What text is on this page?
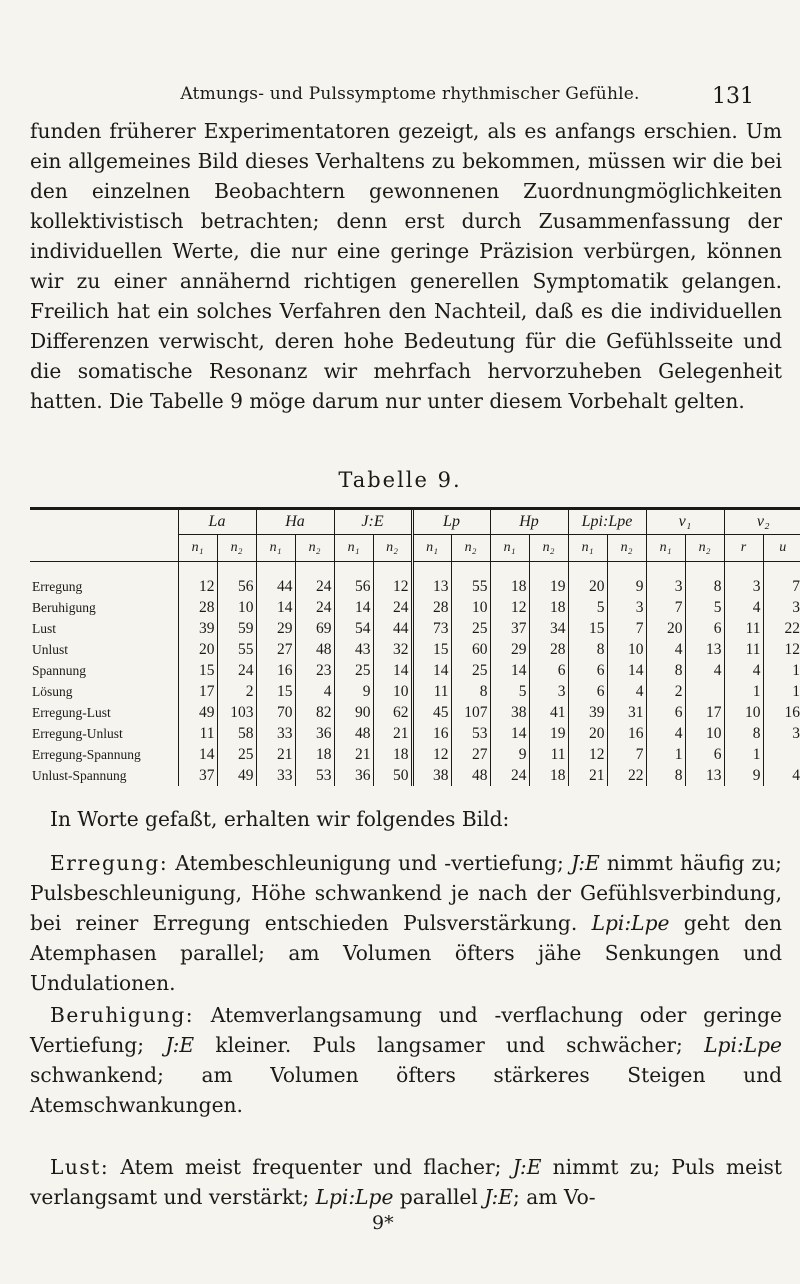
Atmungs- und Pulssymptome rhythmischer Gefühle.	131

funden früherer Experimentatoren gezeigt, als es anfangs erschien. Um ein allgemeines Bild dieses Verhaltens zu bekommen, müssen wir die bei den einzelnen Beobachtern gewonnenen Zuordnungmöglichkeiten kollektivistisch betrachten; denn erst durch Zusammenfassung der individuellen Werte, die nur eine geringe Präzision verbürgen, können wir zu einer annähernd richtigen generellen Symptomatik gelangen. Freilich hat ein solches Verfahren den Nachteil, daß es die individuellen Differenzen verwischt, deren hohe Bedeutung für die Gefühlsseite und die somatische Resonanz wir mehrfach hervorzuheben Gelegenheit hatten. Die Tabelle 9 möge darum nur unter diesem Vorbehalt gelten.

Tabelle 9.

	La		Ha		J:E		Lp		Hp		Lpi:Lpe		v₁		v₂	
	n₁	n₂	n₁	n₂	n₁	n₂	n₁	n₂	n₁	n₂	n₁	n₂	n₁	n₂	r	u

Erregung	12	56	44	24	56	12	13	55	18	19	20	9	3	8	3	7
Beruhigung	28	10	14	24	14	24	28	10	12	18	5	3	7	5	4	3
Lust	39	59	29	69	54	44	73	25	37	34	15	7	20	6	11	22
Unlust	20	55	27	48	43	32	15	60	29	28	8	10	4	13	11	12
Spannung	15	24	16	23	25	14	14	25	14	6	6	14	8	4	4	1
Lösung	17	2	15	4	9	10	11	8	5	3	6	4	2		1	1
Erregung-Lust	49	103	70	82	90	62	45	107	38	41	39	31	6	17	10	16
Erregung-Unlust	11	58	33	36	48	21	16	53	14	19	20	16	4	10	8	3
Erregung-Spannung	14	25	21	18	21	18	12	27	9	11	12	7	1	6	1	
Unlust-Spannung	37	49	33	53	36	50	38	48	24	18	21	22	8	13	9	4

In Worte gefaßt, erhalten wir folgendes Bild:

Erregung: Atembeschleunigung und -vertiefung; J:E nimmt häufig zu; Pulsbeschleunigung, Höhe schwankend je nach der Gefühlsverbindung, bei reiner Erregung entschieden Pulsverstärkung. Lpi:Lpe geht den Atemphasen parallel; am Volumen öfters jähe Senkungen und Undulationen.

Beruhigung: Atemverlangsamung und -verflachung oder geringe Vertiefung; J:E kleiner. Puls langsamer und schwächer; Lpi:Lpe schwankend; am Volumen öfters stärkeres Steigen und Atemschwankungen.

Lust: Atem meist frequenter und flacher; J:E nimmt zu; Puls meist verlangsamt und verstärkt; Lpi:Lpe parallel J:E; am Vo-

9*
